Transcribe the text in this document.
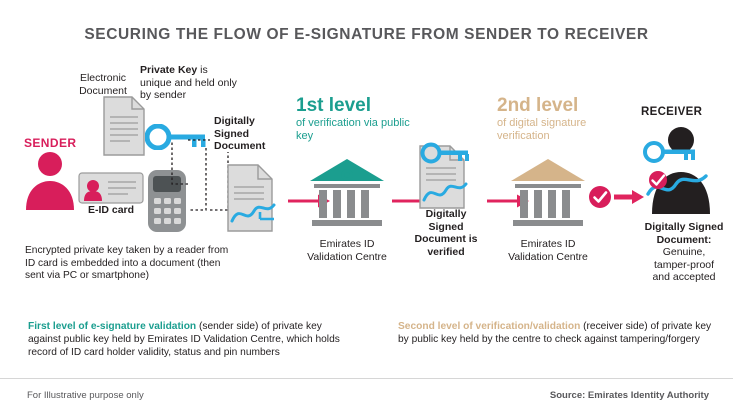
SECURING THE FLOW OF E-SIGNATURE FROM SENDER TO RECEIVER
SENDER
Electronic Document
Private Key is unique and held only by sender
E-ID card
Encrypted private key taken by a reader from ID card is embedded into a document (then sent via PC or smartphone)
Digitally Signed Document
1st level
of verification via public key
Emirates ID Validation Centre
Digitally Signed Document is verified
2nd level
of digital signature verification
Emirates ID Validation Centre
RECEIVER
Digitally Signed Document: Genuine, tamper-proof and accepted
First level of e-signature validation (sender side) of private key against public key held by Emirates ID Validation Centre, which holds record of ID card holder validity, status and pin numbers
Second level of verification/validation (receiver side) of private key by public key held by the centre to check against tampering/forgery
For Illustrative purpose only	Source: Emirates Identity Authority
